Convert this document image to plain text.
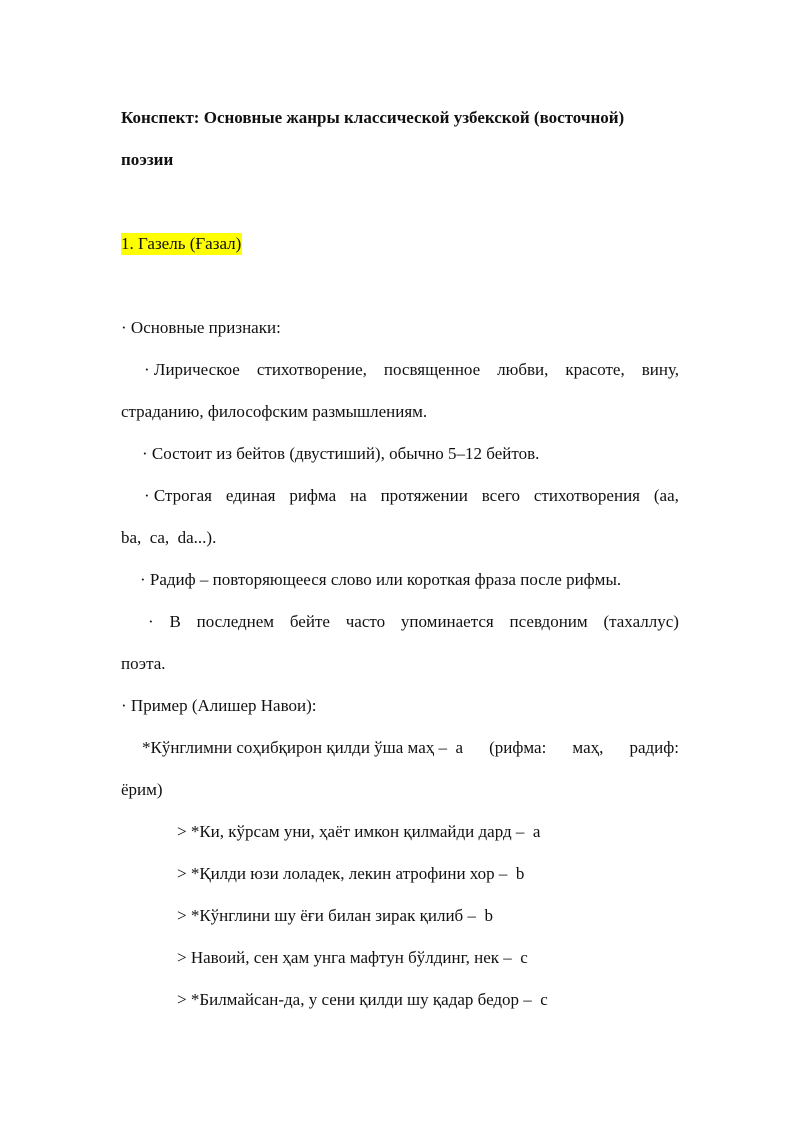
Конспект: Основные жанры классической узбекской (восточной)
поэзии
1. Газель (Ғазал)
· Основные признаки:
· Лирическое стихотворение, посвященное любви, красоте, вину,
страданию, философским размышлениям.
· Состоит из бейтов (двустиший), обычно 5–12 бейтов.
· Строгая единая рифма на протяжении всего стихотворения (aa,
ba,  ca,  da...).
· Радиф – повторяющееся слово или короткая фраза после рифмы.
· В последнем бейте часто упоминается псевдоним (тахаллус)
поэта.
· Пример (Алишер Навои):
*Кўнглимни соҳибқирон қилди ўша маҳ –  a (рифма: маҳ, радиф:
ёрим)
> *Ки, кўрсам уни, ҳаёт имкон қилмайди дард –  a
> *Қилди юзи лоладек, лекин атрофини хор –  b
> *Кўнглини шу ёғи билан зирак қилиб –  b
> Навоий, сен ҳам унга мафтун бўлдинг, нек –  c
> *Билмайсан-да, у сени қилди шу қадар бедор –  c
